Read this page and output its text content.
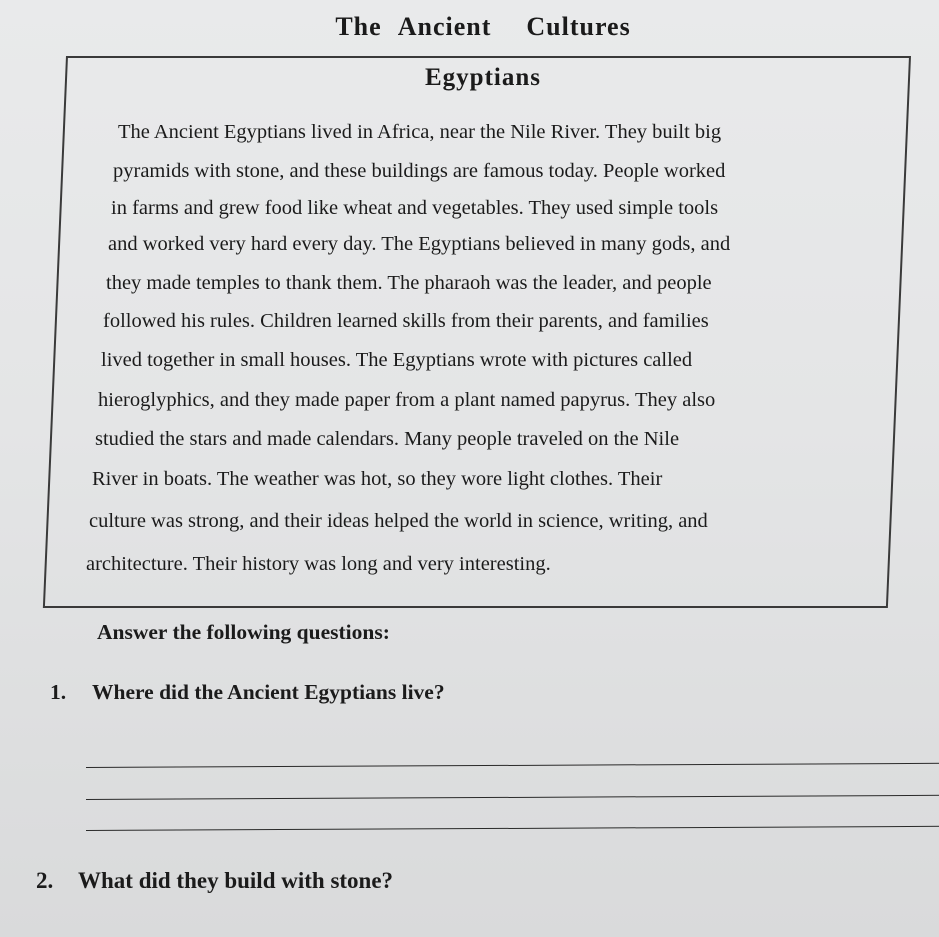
The Ancient  Cultures
Egyptians
The Ancient Egyptians lived in Africa, near the Nile River. They built big
pyramids with stone, and these buildings are famous today. People worked
in farms and grew food like wheat and vegetables. They used simple tools
and worked very hard every day. The Egyptians believed in many gods, and
they made temples to thank them. The pharaoh was the leader, and people
followed his rules. Children learned skills from their parents, and families
lived together in small houses. The Egyptians wrote with pictures called
hieroglyphics, and they made paper from a plant named papyrus. They also
studied the stars and made calendars. Many people traveled on the Nile
River in boats. The weather was hot, so they wore light clothes. Their
culture was strong, and their ideas helped the world in science, writing, and
architecture. Their history was long and very interesting.
Answer the following questions:
1. Where did the Ancient Egyptians live?
2. What did they build with stone?
